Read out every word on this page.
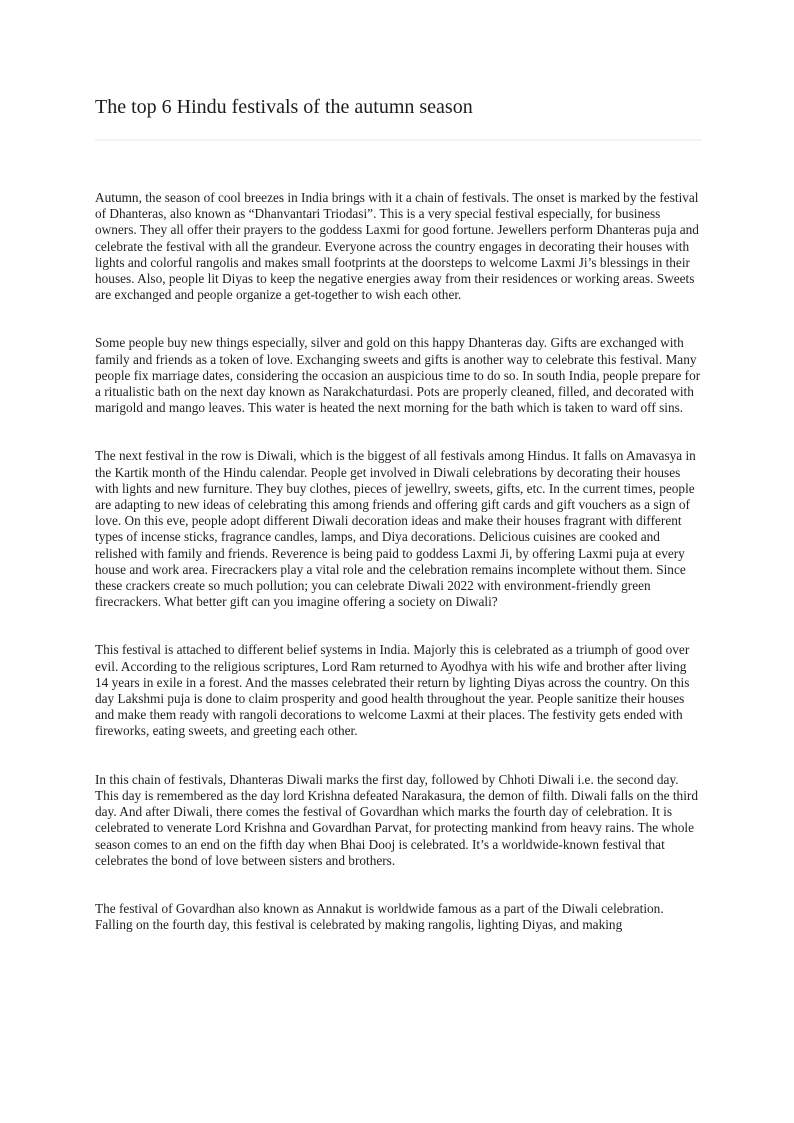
The top 6 Hindu festivals of the autumn season

Autumn, the season of cool breezes in India brings with it a chain of festivals. The onset is marked by the festival of Dhanteras, also known as “Dhanvantari Triodasi”. This is a very special festival especially, for business owners. They all offer their prayers to the goddess Laxmi for good fortune. Jewellers perform Dhanteras puja and celebrate the festival with all the grandeur. Everyone across the country engages in decorating their houses with lights and colorful rangolis and makes small footprints at the doorsteps to welcome Laxmi Ji’s blessings in their houses. Also, people lit Diyas to keep the negative energies away from their residences or working areas. Sweets are exchanged and people organize a get-together to wish each other.

Some people buy new things especially, silver and gold on this happy Dhanteras day. Gifts are exchanged with family and friends as a token of love. Exchanging sweets and gifts is another way to celebrate this festival. Many people fix marriage dates, considering the occasion an auspicious time to do so. In south India, people prepare for a ritualistic bath on the next day known as Narakchaturdasi. Pots are properly cleaned, filled, and decorated with marigold and mango leaves. This water is heated the next morning for the bath which is taken to ward off sins.

The next festival in the row is Diwali, which is the biggest of all festivals among Hindus. It falls on Amavasya in the Kartik month of the Hindu calendar. People get involved in Diwali celebrations by decorating their houses with lights and new furniture. They buy clothes, pieces of jewellry, sweets, gifts, etc. In the current times, people are adapting to new ideas of celebrating this among friends and offering gift cards and gift vouchers as a sign of love. On this eve, people adopt different Diwali decoration ideas and make their houses fragrant with different types of incense sticks, fragrance candles, lamps, and Diya decorations. Delicious cuisines are cooked and relished with family and friends. Reverence is being paid to goddess Laxmi Ji, by offering Laxmi puja at every house and work area. Firecrackers play a vital role and the celebration remains incomplete without them. Since these crackers create so much pollution; you can celebrate Diwali 2022 with environment-friendly green firecrackers. What better gift can you imagine offering a society on Diwali?

This festival is attached to different belief systems in India. Majorly this is celebrated as a triumph of good over evil. According to the religious scriptures, Lord Ram returned to Ayodhya with his wife and brother after living 14 years in exile in a forest. And the masses celebrated their return by lighting Diyas across the country. On this day Lakshmi puja is done to claim prosperity and good health throughout the year. People sanitize their houses and make them ready with rangoli decorations to welcome Laxmi at their places. The festivity gets ended with fireworks, eating sweets, and greeting each other.

In this chain of festivals, Dhanteras Diwali marks the first day, followed by Chhoti Diwali i.e. the second day. This day is remembered as the day lord Krishna defeated Narakasura, the demon of filth. Diwali falls on the third day. And after Diwali, there comes the festival of Govardhan which marks the fourth day of celebration. It is celebrated to venerate Lord Krishna and Govardhan Parvat, for protecting mankind from heavy rains. The whole season comes to an end on the fifth day when Bhai Dooj is celebrated. It’s a worldwide-known festival that celebrates the bond of love between sisters and brothers.

The festival of Govardhan also known as Annakut is worldwide famous as a part of the Diwali celebration. Falling on the fourth day, this festival is celebrated by making rangolis, lighting Diyas, and making
